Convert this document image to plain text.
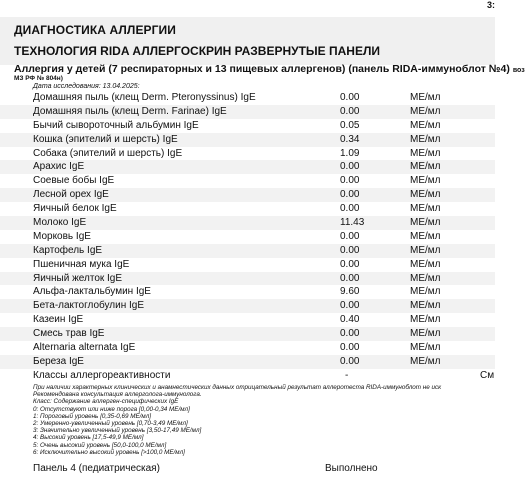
3:
ДИАГНОСТИКА АЛЛЕРГИИ
ТЕХНОЛОГИЯ RIDA АЛЛЕРГОСКРИН РАЗВЕРНУТЫЕ ПАНЕЛИ
Аллергия у детей (7 респираторных и 13 пищевых аллергенов) (панель RIDA-иммуноблот №4) воз
МЗ РФ № 804н)
Дата исследования: 13.04.2025:
Домашняя пыль (клещ Derm. Pteronyssinus) IgE	0.00	МЕ/мл
Домашняя пыль (клещ Derm. Farinae) IgE	0.00	МЕ/мл
Бычий сывороточный альбумин IgE	0.05	МЕ/мл
Кошка (эпителий и шерсть) IgE	0.34	МЕ/мл
Собака (эпителий и шерсть) IgE	1.09	МЕ/мл
Арахис IgE	0.00	МЕ/мл
Соевые бобы IgE	0.00	МЕ/мл
Лесной орех IgE	0.00	МЕ/мл
Яичный белок IgE	0.00	МЕ/мл
Молоко IgE	11.43	МЕ/мл
Морковь IgE	0.00	МЕ/мл
Картофель IgE	0.00	МЕ/мл
Пшеничная мука IgE	0.00	МЕ/мл
Яичный желток IgE	0.00	МЕ/мл
Альфа-лактальбумин IgE	9.60	МЕ/мл
Бета-лактоглобулин IgE	0.00	МЕ/мл
Казеин IgE	0.40	МЕ/мл
Смесь трав IgE	0.00	МЕ/мл
Alternaria alternata IgE	0.00	МЕ/мл
Береза IgE	0.00	МЕ/мл
Классы аллергореактивности	-	См
При наличии характерных клинических и анамнестических данных отрицательный результат аллеротеста RIDA-иммуноблот не иск
Рекомендована консультация аллерголога-иммунолога.
Класс: Содержание аллерген-специфических IgE
0: Отсутствуют или ниже порога [0,00-0,34 МЕ/мл]
1: Пороговый уровень [0,35-0,69 МЕ/мл]
2: Умеренно-увеличенный уровень [0,70-3,49 МЕ/мл]
3: Значительно увеличенный уровень [3,50-17,49 МЕ/мл]
4: Высокий уровень [17,5-49,9 МЕ/мл]
5: Очень высокий уровень [50,0-100,0 МЕ/мл]
6: Исключительно высокий уровень [>100,0 МЕ/мл]
Панель 4 (педиатрическая)	Выполнено
